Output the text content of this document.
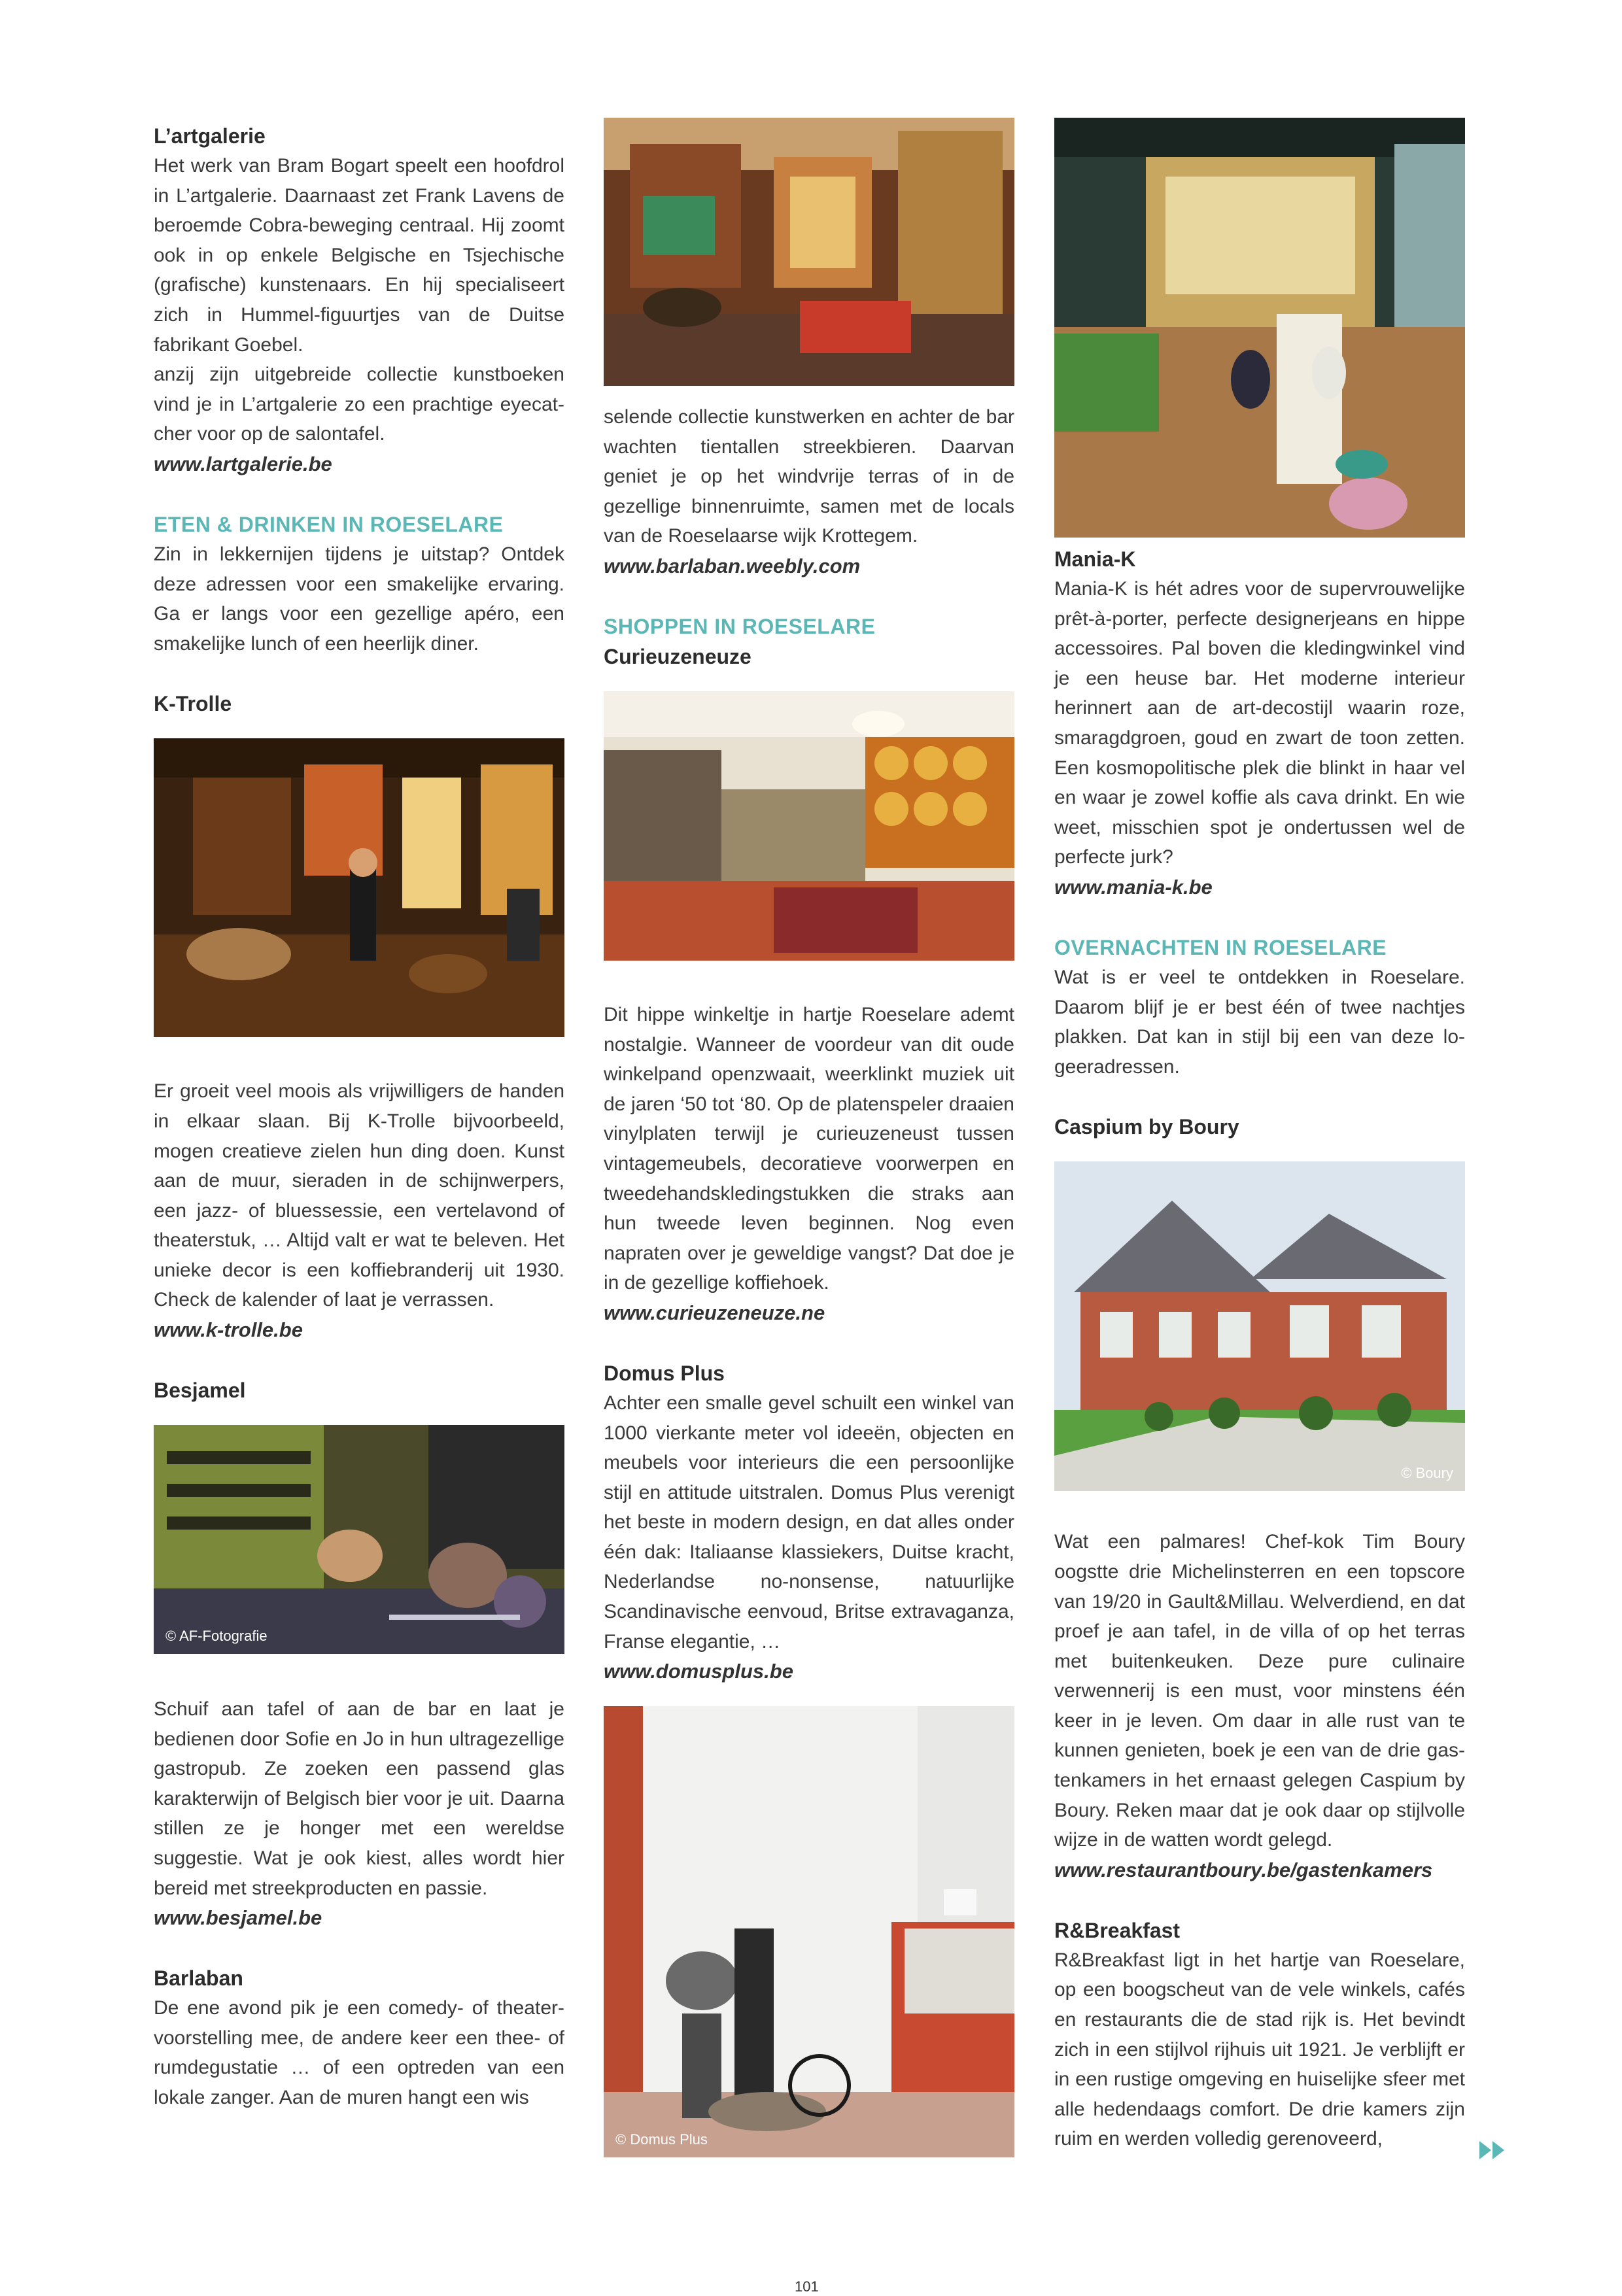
L’artgalerie

Het werk van Bram Bogart speelt een hoofdrol in L’artgalerie. Daarnaast zet Frank Lavens de beroemde Cobra-beweging centraal. Hij zoomt ook in op enkele Belgische en Tsjechische (grafische) kunstenaars. En hij specialiseert zich in Hummel-figuurtjes van de Duitse fabrikant Goebel.

anzij zijn uitgebreide collectie kunstboeken vind je in L’artgalerie zo een prachtige eyecatcher voor op de salontafel.

www.lartgalerie.be
ETEN & DRINKEN IN ROESELARE

Zin in lekkernijen tijdens je uitstap? Ontdek deze adressen voor een smakelijke ervaring. Ga er langs voor een gezellige apéro, een smakelijke lunch of een heerlijk diner.

K-Trolle

Er groeit veel moois als vrijwilligers de handen in elkaar slaan. Bij K-Trolle bijvoorbeeld, mogen creatieve zielen hun ding doen. Kunst aan de muur, sieraden in de schijnwerpers, een jazz- of bluessessie, een vertelavond of theaterstuk, … Altijd valt er wat te beleven. Het unieke decor is een koffiebranderij uit 1930. Check de kalender of laat je verrassen.

www.k-trolle.be
Besjamel
© AF-Fotografie

Schuif aan tafel of aan de bar en laat je bedienen door Sofie en Jo in hun ultragezellige gastropub. Ze zoeken een passend glas karakterwijn of Belgisch bier voor je uit. Daarna stillen ze je honger met een wereldse suggestie. Wat je ook kiest, alles wordt hier bereid met streekproducten en passie.

www.besjamel.be
Barlaban

De ene avond pik je een comedy- of theatervoorstelling mee, de andere keer een thee- of rumdegustatie … of een optreden van een lokale zanger. Aan de muren hangt een wis

selende collectie kunstwerken en achter de bar wachten tientallen streekbieren. Daarvan geniet je op het windvrije terras of in de gezellige binnenruimte, samen met de locals van de Roeselaarse wijk Krottegem.

www.barlaban.weebly.com
SHOPPEN IN ROESELARE
Curieuzeneuze

Dit hippe winkeltje in hartje Roeselare ademt nostalgie. Wanneer de voordeur van dit oude winkelpand openzwaait, weerklinkt muziek uit de jaren ‘50 tot ‘80. Op de platenspeler draaien vinylplaten terwijl je curieuzeneust tussen vintagemeubels, decoratieve voorwerpen en tweedehandskledingstukken die straks aan hun tweede leven beginnen. Nog even napraten over je geweldige vangst? Dat doe je in de gezellige koffiehoek.

www.curieuzeneuze.ne
Domus Plus

Achter een smalle gevel schuilt een winkel van 1000 vierkante meter vol ideeën, objecten en meubels voor interieurs die een persoonlijke stijl en attitude uitstralen. Domus Plus verenigt het beste in modern design, en dat alles onder één dak: Italiaanse klassiekers, Duitse kracht, Nederlandse no-nonsense, natuurlijke Scandinavische eenvoud, Britse extravaganza, Franse elegantie, …

www.domusplus.be
© Domus Plus
Mania-K

Mania-K is hét adres voor de supervrouwelijke prêt-à-porter, perfecte designerjeans en hippe accessoires. Pal boven die kledingwinkel vind je een heuse bar. Het moderne interieur herinnert aan de art-decostijl waarin roze, smaragdgroen, goud en zwart de toon zetten. Een kosmopolitische plek die blinkt in haar vel en waar je zowel koffie als cava drinkt. En wie weet, misschien spot je ondertussen wel de perfecte jurk?

www.mania-k.be
OVERNACHTEN IN ROESELARE

Wat is er veel te ontdekken in Roeselare. Daarom blijf je er best één of twee nachtjes plakken. Dat kan in stijl bij een van deze logeeradressen.

Caspium by Boury
© Boury

Wat een palmares! Chef-kok Tim Boury oogstte drie Michelinsterren en een topscore van 19/20 in Gault&Millau. Welverdiend, en dat proef je aan tafel, in de villa of op het terras met buitenkeuken. Deze pure culinaire verwennerij is een must, voor minstens één keer in je leven. Om daar in alle rust van te kunnen genieten, boek je een van de drie gastenkamers in het ernaast gelegen Caspium by Boury. Reken maar dat je ook daar op stijlvolle wijze in de watten wordt gelegd.

www.restaurantboury.be/gastenkamers
R&Breakfast

R&Breakfast ligt in het hartje van Roeselare, op een boogscheut van de vele winkels, cafés en restaurants die de stad rijk is. Het bevindt zich in een stijlvol rijhuis uit 1921. Je verblijft er in een rustige omgeving en huiselijke sfeer met alle hedendaags comfort. De drie kamers zijn ruim en werden volledig gerenoveerd,

101
